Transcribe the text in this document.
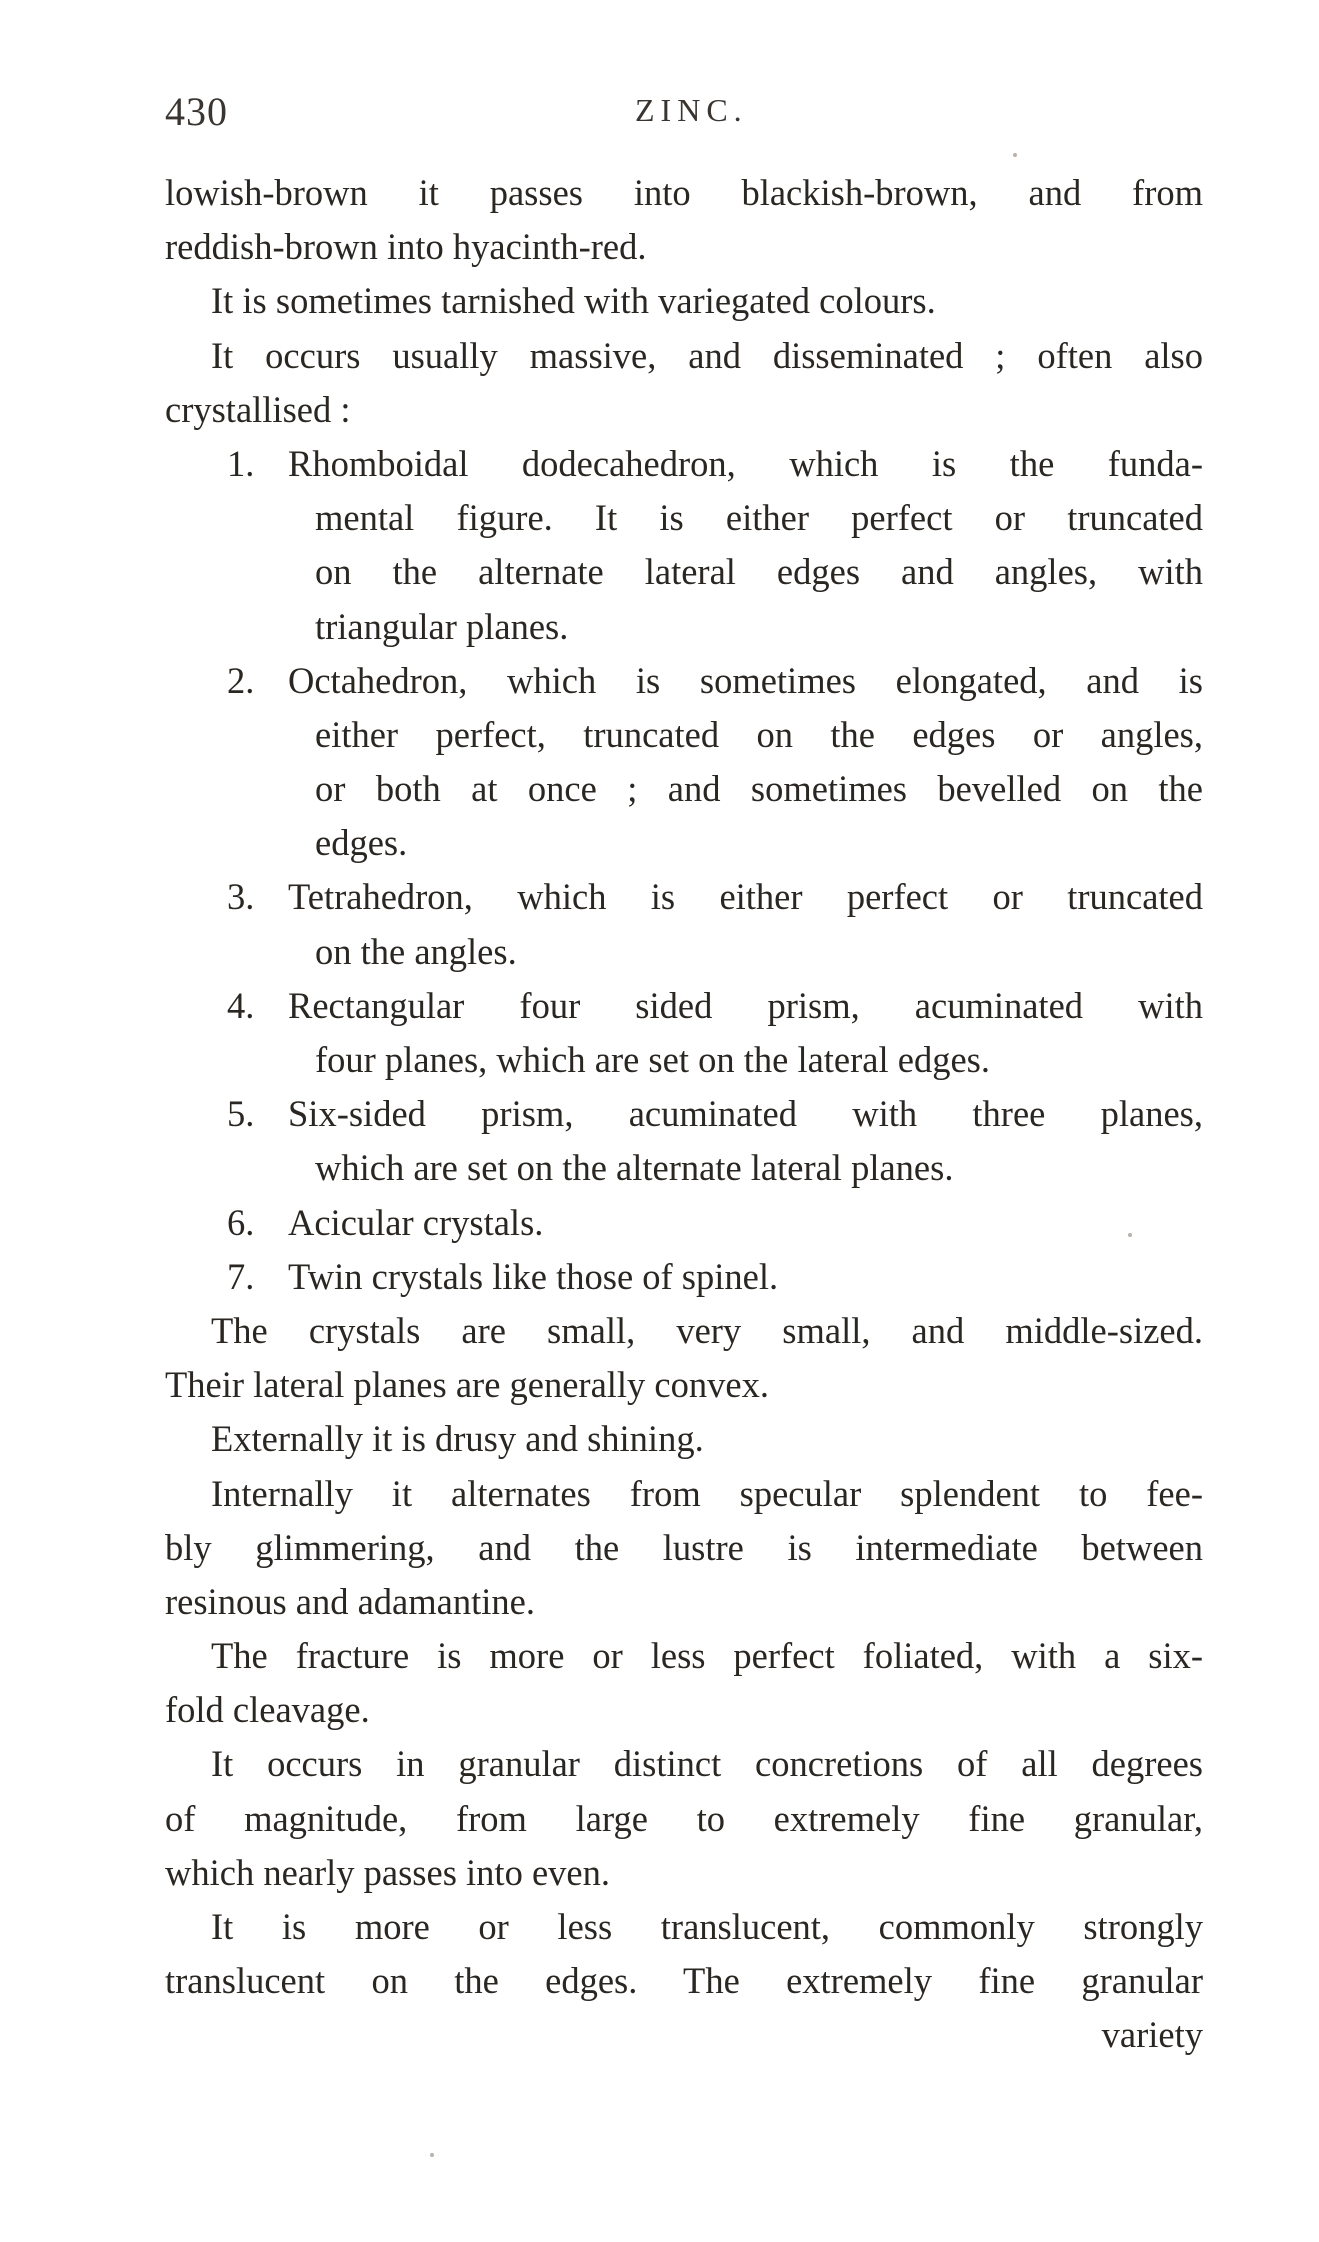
430	ZINC.
lowish-brown it passes into blackish-brown, and from
reddish-brown into hyacinth-red.
It is sometimes tarnished with variegated colours.
It occurs usually massive, and disseminated ; often also
crystallised :
1. Rhomboidal dodecahedron, which is the funda-
mental figure. It is either perfect or truncated
on the alternate lateral edges and angles, with
triangular planes.
2. Octahedron, which is sometimes elongated, and is
either perfect, truncated on the edges or angles,
or both at once ; and sometimes bevelled on the
edges.
3. Tetrahedron, which is either perfect or truncated
on the angles.
4. Rectangular four sided prism, acuminated with
four planes, which are set on the lateral edges.
5. Six-sided prism, acuminated with three planes,
which are set on the alternate lateral planes.
6. Acicular crystals.
7. Twin crystals like those of spinel.
The crystals are small, very small, and middle-sized.
Their lateral planes are generally convex.
Externally it is drusy and shining.
Internally it alternates from specular splendent to fee-
bly glimmering, and the lustre is intermediate between
resinous and adamantine.
The fracture is more or less perfect foliated, with a six-
fold cleavage.
It occurs in granular distinct concretions of all degrees
of magnitude, from large to extremely fine granular,
which nearly passes into even.
It is more or less translucent, commonly strongly
translucent on the edges. The extremely fine granular
variety
